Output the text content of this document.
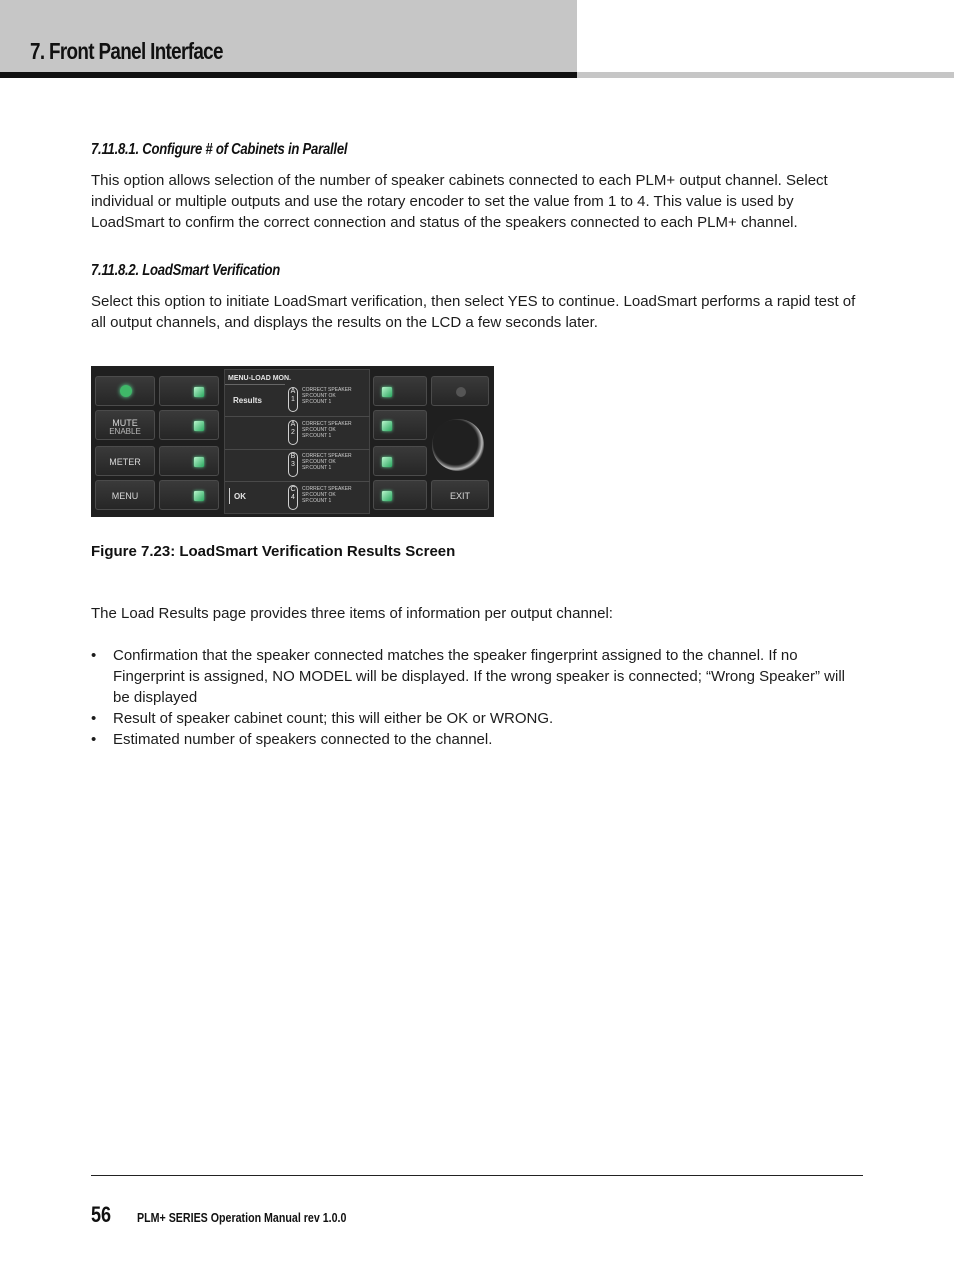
7. Front Panel Interface
7.11.8.1. Configure # of Cabinets in Parallel
This option allows selection of the number of speaker cabinets connected to each PLM+ output channel. Select individual or multiple outputs and use the rotary encoder to set the value from 1 to 4. This value is used by LoadSmart to confirm the correct connection and status of the speakers connected to each PLM+ channel.
7.11.8.2. LoadSmart Verification
Select this option to initiate LoadSmart verification, then select YES to continue. LoadSmart performs a rapid test of all output channels, and displays the results on the LCD a few seconds later.
MUTE
ENABLE
METER
MENU
MENU-LOAD MON.
Results
OK
A
1
CORRECT SPEAKER
SP.COUNT OK
SP.COUNT 1
A
2
CORRECT SPEAKER
SP.COUNT OK
SP.COUNT 1
B
3
CORRECT SPEAKER
SP.COUNT OK
SP.COUNT 1
C
4
CORRECT SPEAKER
SP.COUNT OK
SP.COUNT 1	EXIT
Figure 7.23: LoadSmart Verification Results Screen
The Load Results page provides three items of information per output channel:
• Confirmation that the speaker connected matches the speaker fingerprint assigned to the channel. If no Fingerprint is assigned, NO MODEL will be displayed. If the wrong speaker is connected; “Wrong Speaker” will be displayed
• Result of speaker cabinet count; this will either be OK or WRONG.
• Estimated number of speakers connected to the channel.
56 PLM+ SERIES Operation Manual rev 1.0.0
